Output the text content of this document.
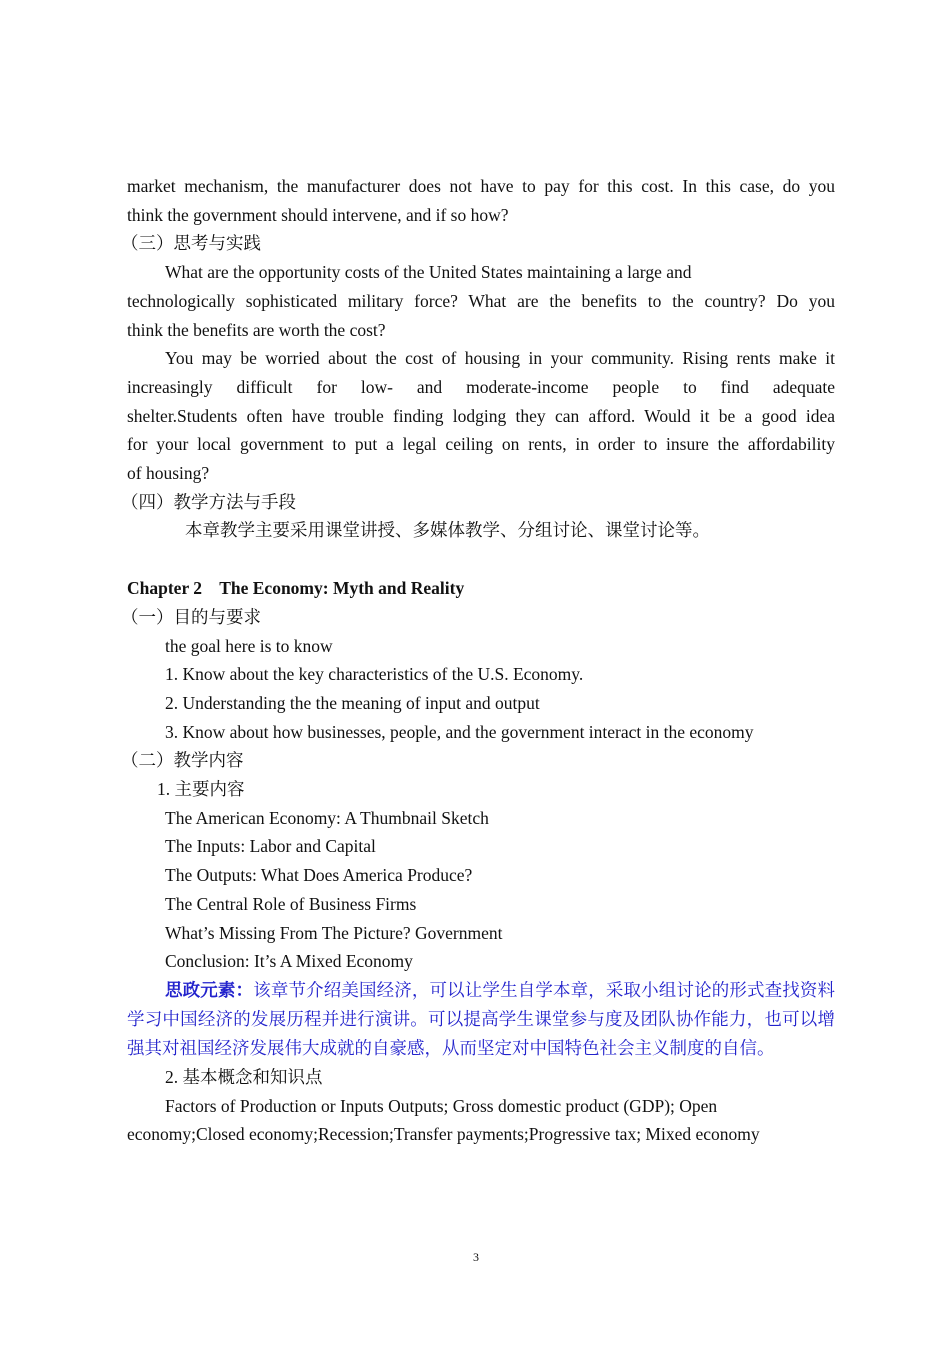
market mechanism, the manufacturer does not have to pay for this cost. In this case, do you
think the government should intervene, and if so how?
（三）思考与实践
What are the opportunity costs of the United States maintaining a large and
technologically sophisticated military force? What are the benefits to the country? Do you
think the benefits are worth the cost?
You may be worried about the cost of housing in your community. Rising rents make it
increasingly difficult for low- and moderate-income people to find adequate
shelter.Students often have trouble finding lodging they can afford. Would it be a good idea
for your local government to put a legal ceiling on rents, in order to insure the affordability
of housing?
（四）教学方法与手段
本章教学主要采用课堂讲授、多媒体教学、分组讨论、课堂讨论等。
Chapter 2    The Economy: Myth and Reality
（一）目的与要求
the goal here is to know
1. Know about the key characteristics of the U.S. Economy.
2. Understanding the the meaning of input and output
3. Know about how businesses, people, and the government interact in the economy
（二）教学内容
1. 主要内容
The American Economy: A Thumbnail Sketch
The Inputs: Labor and Capital
The Outputs: What Does America Produce?
The Central Role of Business Firms
What’s Missing From The Picture? Government
Conclusion: It’s A Mixed Economy
思政元素：该章节介绍美国经济，可以让学生自学本章，采取小组讨论的形式查找资料学习中国经济的发展历程并进行演讲。可以提高学生课堂参与度及团队协作能力，也可以增强其对祖国经济发展伟大成就的自豪感，从而坚定对中国特色社会主义制度的自信。
2. 基本概念和知识点
Factors of Production or Inputs Outputs; Gross domestic product (GDP); Open
economy;Closed economy;Recession;Transfer payments;Progressive tax; Mixed economy
3
